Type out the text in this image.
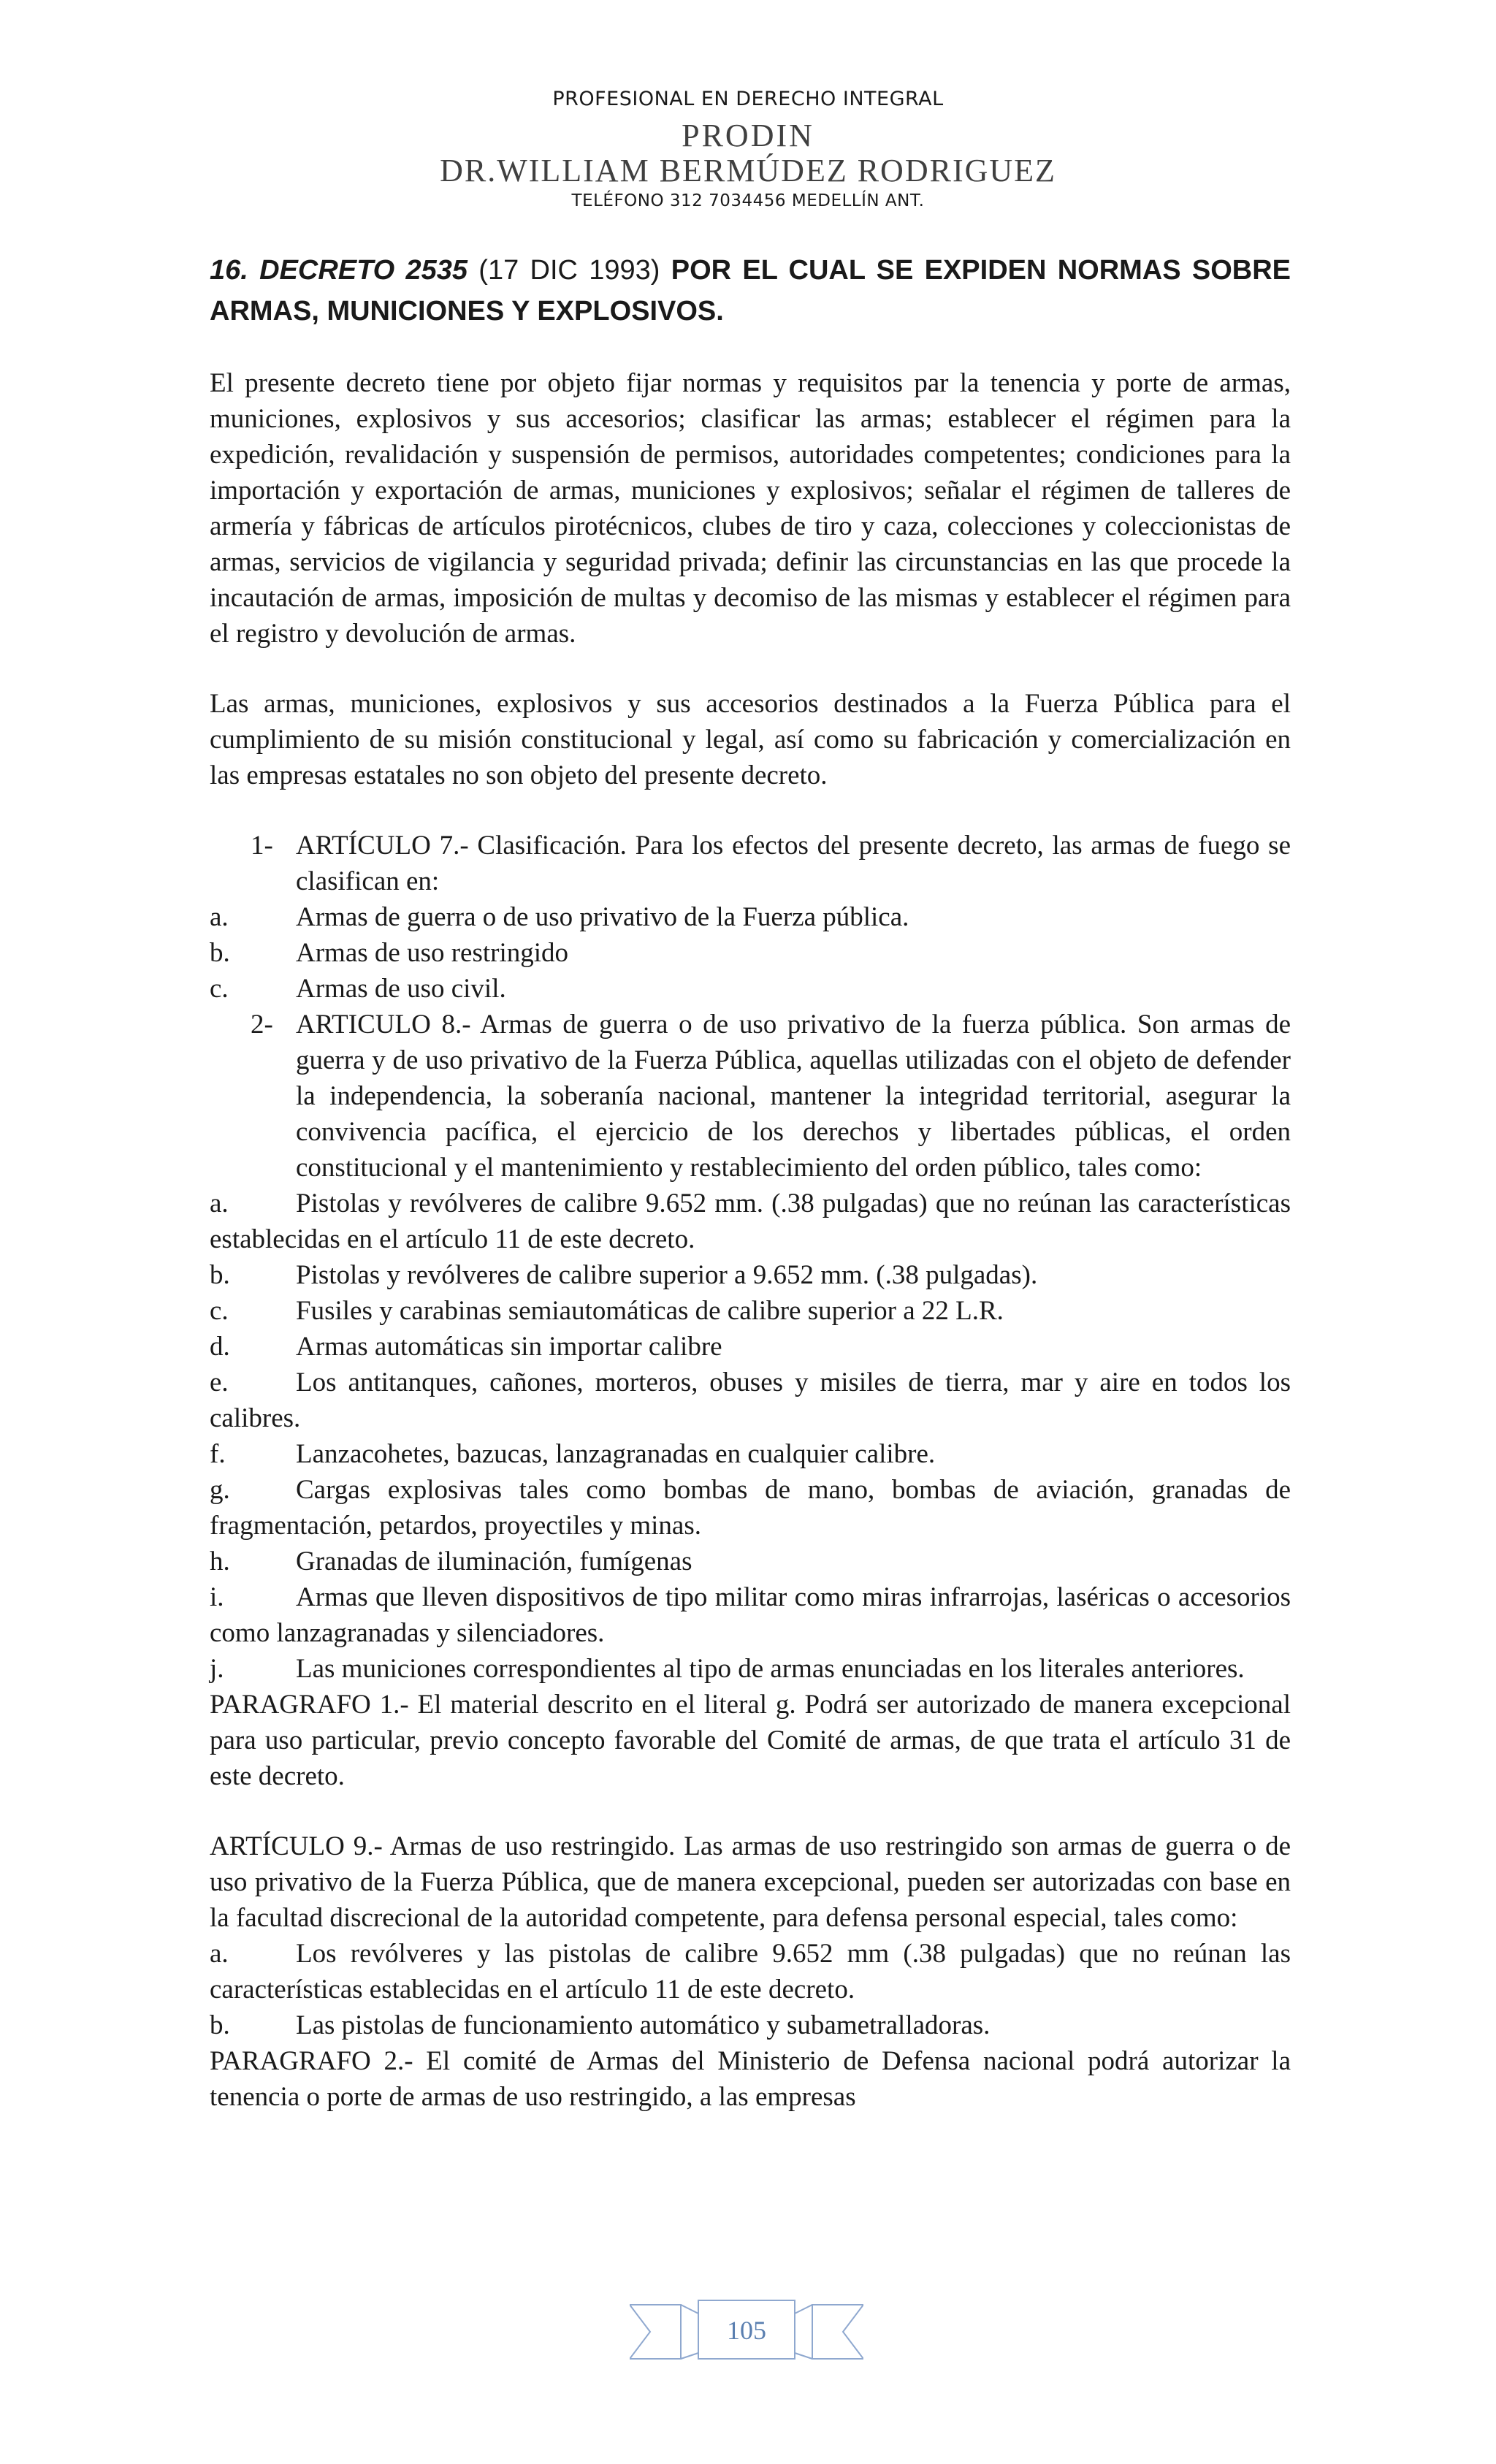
PROFESIONAL EN DERECHO INTEGRAL
PRODIN
DR.WILLIAM BERMÚDEZ RODRIGUEZ
TELÉFONO 312 7034456 MEDELLÍN ANT.
16. DECRETO 2535 (17 DIC 1993) POR EL CUAL SE EXPIDEN NORMAS SOBRE ARMAS, MUNICIONES Y EXPLOSIVOS.

El presente decreto tiene por objeto fijar normas y requisitos par la tenencia y porte de armas, municiones, explosivos y sus accesorios; clasificar las armas; establecer el régimen para la expedición, revalidación y suspensión de permisos, autoridades competentes; condiciones para la importación y exportación de armas, municiones y explosivos; señalar el régimen de talleres de armería y fábricas de artículos pirotécnicos, clubes de tiro y caza, colecciones y coleccionistas de armas, servicios de vigilancia y seguridad privada; definir las circunstancias en las que procede la incautación de armas, imposición de multas y decomiso de las mismas y establecer el régimen para el registro y devolución de armas.

Las armas, municiones, explosivos y sus accesorios destinados a la Fuerza Pública para el cumplimiento de su misión constitucional y legal, así como su fabricación y comercialización en las empresas estatales no son objeto del presente decreto.

1- ARTÍCULO 7.- Clasificación. Para los efectos del presente decreto, las armas de fuego se clasifican en:
a. Armas de guerra o de uso privativo de la Fuerza pública.
b. Armas de uso restringido
c. Armas de uso civil.
2- ARTICULO 8.- Armas de guerra o de uso privativo de la fuerza pública. Son armas de guerra y de uso privativo de la Fuerza Pública, aquellas utilizadas con el objeto de defender la independencia, la soberanía nacional, mantener la integridad territorial, asegurar la convivencia pacífica, el ejercicio de los derechos y libertades públicas, el orden constitucional y el mantenimiento y restablecimiento del orden público, tales como:
a. Pistolas y revólveres de calibre 9.652 mm. (.38 pulgadas) que no reúnan las características establecidas en el artículo 11 de este decreto.
b. Pistolas y revólveres de calibre superior a 9.652 mm. (.38 pulgadas).
c. Fusiles y carabinas semiautomáticas de calibre superior a 22 L.R.
d. Armas automáticas sin importar calibre
e. Los antitanques, cañones, morteros, obuses y misiles de tierra, mar y aire en todos los calibres.
f.	Lanzacohetes, bazucas, lanzagranadas en cualquier calibre.
g. Cargas explosivas tales como bombas de mano, bombas de aviación, granadas de fragmentación, petardos, proyectiles y minas.
h. Granadas de iluminación, fumígenas
i.	Armas que lleven dispositivos de tipo militar como miras infrarrojas, laséricas o accesorios como lanzagranadas y silenciadores.
j.	Las municiones correspondientes al tipo de armas enunciadas en los literales anteriores.

PARAGRAFO 1.- El material descrito en el literal g. Podrá ser autorizado de manera excepcional para uso particular, previo concepto favorable del Comité de armas, de que trata el artículo 31 de este decreto.

ARTÍCULO 9.- Armas de uso restringido. Las armas de uso restringido son armas de guerra o de uso privativo de la Fuerza Pública, que de manera excepcional, pueden ser autorizadas con base en la facultad discrecional de la autoridad competente, para defensa personal especial, tales como:

a. Los revólveres y las pistolas de calibre 9.652 mm (.38 pulgadas) que no reúnan las características establecidas en el artículo 11 de este decreto.
b. Las pistolas de funcionamiento automático y subametralladoras.

PARAGRAFO 2.- El comité de Armas del Ministerio de Defensa nacional podrá autorizar la tenencia o porte de armas de uso restringido, a las empresas

105
